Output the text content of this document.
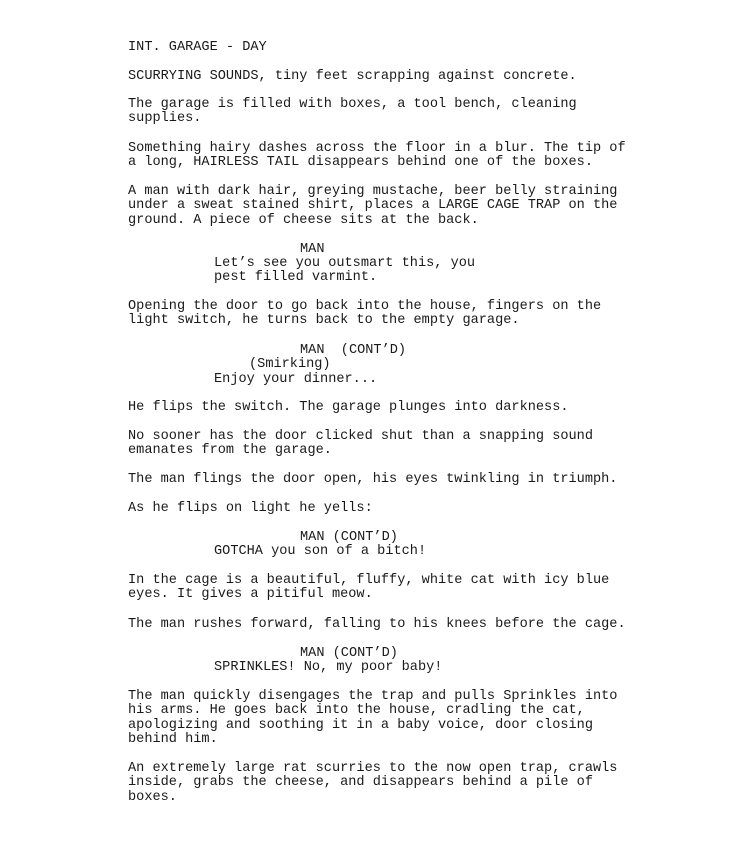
INT. GARAGE - DAY
SCURRYING SOUNDS, tiny feet scrapping against concrete.
The garage is filled with boxes, a tool bench, cleaning
supplies.
Something hairy dashes across the floor in a blur. The tip of
a long, HAIRLESS TAIL disappears behind one of the boxes.
A man with dark hair, greying mustache, beer belly straining
under a sweat stained shirt, places a LARGE CAGE TRAP on the
ground. A piece of cheese sits at the back.
MAN
Let’s see you outsmart this, you
pest filled varmint.
Opening the door to go back into the house, fingers on the
light switch, he turns back to the empty garage.
MAN  (CONT’D)
(Smirking)
Enjoy your dinner...
He flips the switch. The garage plunges into darkness.
No sooner has the door clicked shut than a snapping sound
emanates from the garage.
The man flings the door open, his eyes twinkling in triumph.
As he flips on light he yells:
MAN (CONT’D)
GOTCHA you son of a bitch!
In the cage is a beautiful, fluffy, white cat with icy blue
eyes. It gives a pitiful meow.
The man rushes forward, falling to his knees before the cage.
MAN (CONT’D)
SPRINKLES! No, my poor baby!
The man quickly disengages the trap and pulls Sprinkles into
his arms. He goes back into the house, cradling the cat,
apologizing and soothing it in a baby voice, door closing
behind him.
An extremely large rat scurries to the now open trap, crawls
inside, grabs the cheese, and disappears behind a pile of
boxes.
